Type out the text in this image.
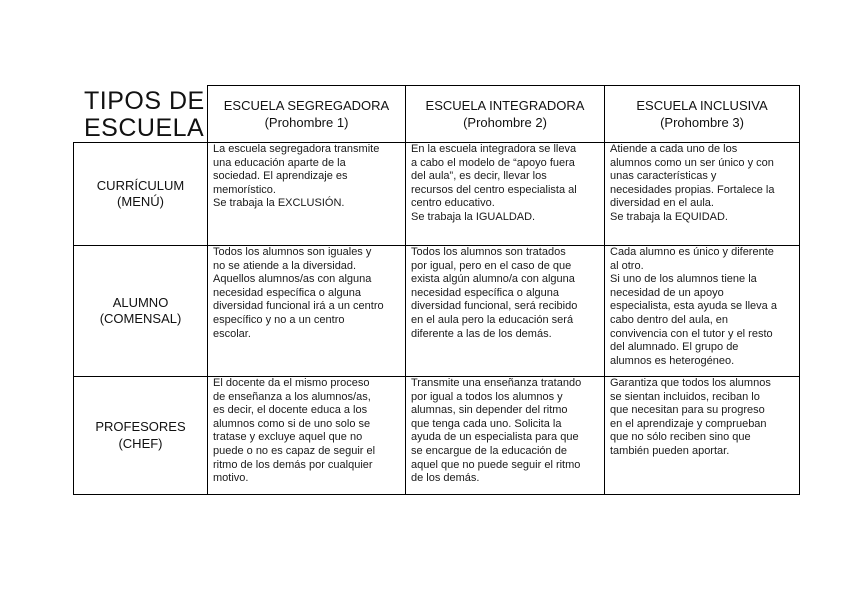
TIPOS DE
ESCUELA
ESCUELA SEGREGADORA
(Prohombre 1)
ESCUELA INTEGRADORA
(Prohombre 2)
ESCUELA INCLUSIVA
(Prohombre 3)
CURRÍCULUM
(MENÚ)
ALUMNO
(COMENSAL)
PROFESORES
(CHEF)

La escuela segregadora transmite

una educación aparte de la

sociedad. El aprendizaje es

memorístico.

Se trabaja la EXCLUSIÓN.

En la escuela integradora se lleva

a cabo el modelo de “apoyo fuera

del aula”, es decir, llevar los

recursos del centro especialista al

centro educativo.

Se trabaja la IGUALDAD.

Atiende a cada uno de los

alumnos como un ser único y con

unas características y

necesidades propias. Fortalece la

diversidad en el aula.

Se trabaja la EQUIDAD.

Todos los alumnos son iguales y

no se atiende a la diversidad.

Aquellos alumnos/as con alguna

necesidad específica o alguna

diversidad funcional irá a un centro

específico y no a un centro

escolar.

Todos los alumnos son tratados

por igual, pero en el caso de que

exista algún alumno/a con alguna

necesidad específica o alguna

diversidad funcional, será recibido

en el aula pero la educación será

diferente a las de los demás.

Cada alumno es único y diferente

al otro.

Si uno de los alumnos tiene la

necesidad de un apoyo

especialista, esta ayuda se lleva a

cabo dentro del aula, en

convivencia con el tutor y el resto

del alumnado. El grupo de

alumnos es heterogéneo.

El docente da el mismo proceso

de enseñanza a los alumnos/as,

es decir, el docente educa a los

alumnos como si de uno solo se

tratase y excluye aquel que no

puede o no es capaz de seguir el

ritmo de los demás por cualquier

motivo.

Transmite una enseñanza tratando

por igual a todos los alumnos y

alumnas, sin depender del ritmo

que tenga cada uno. Solicita la

ayuda de un especialista para que

se encargue de la educación de

aquel que no puede seguir el ritmo

de los demás.

Garantiza que todos los alumnos

se sientan incluidos, reciban lo

que necesitan para su progreso

en el aprendizaje y comprueban

que no sólo reciben sino que

también pueden aportar.
